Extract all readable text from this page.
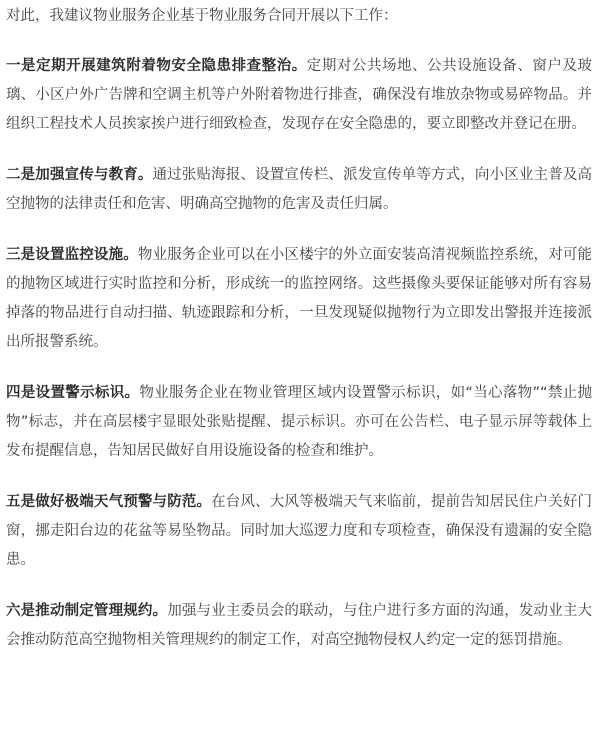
对此，我建议物业服务企业基于物业服务合同开展以下工作：

一是定期开展建筑附着物安全隐患排查整治。定期对公共场地、公共设施设备、窗户及玻璃、小区户外广告牌和空调主机等户外附着物进行排查，确保没有堆放杂物或易碎物品。并组织工程技术人员挨家挨户进行细致检查，发现存在安全隐患的，要立即整改并登记在册。

二是加强宣传与教育。通过张贴海报、设置宣传栏、派发宣传单等方式，向小区业主普及高空抛物的法律责任和危害、明确高空抛物的危害及责任归属。

三是设置监控设施。物业服务企业可以在小区楼宇的外立面安装高清视频监控系统，对可能的抛物区域进行实时监控和分析，形成统一的监控网络。这些摄像头要保证能够对所有容易掉落的物品进行自动扫描、轨迹跟踪和分析，一旦发现疑似抛物行为立即发出警报并连接派出所报警系统。

四是设置警示标识。物业服务企业在物业管理区域内设置警示标识，如“当心落物”“禁止抛物”标志，并在高层楼宇显眼处张贴提醒、提示标识。亦可在公告栏、电子显示屏等载体上发布提醒信息，告知居民做好自用设施设备的检查和维护。

五是做好极端天气预警与防范。在台风、大风等极端天气来临前，提前告知居民住户关好门窗，挪走阳台边的花盆等易坠物品。同时加大巡逻力度和专项检查，确保没有遗漏的安全隐患。

六是推动制定管理规约。加强与业主委员会的联动，与住户进行多方面的沟通，发动业主大会推动防范高空抛物相关管理规约的制定工作，对高空抛物侵权人约定一定的惩罚措施。
